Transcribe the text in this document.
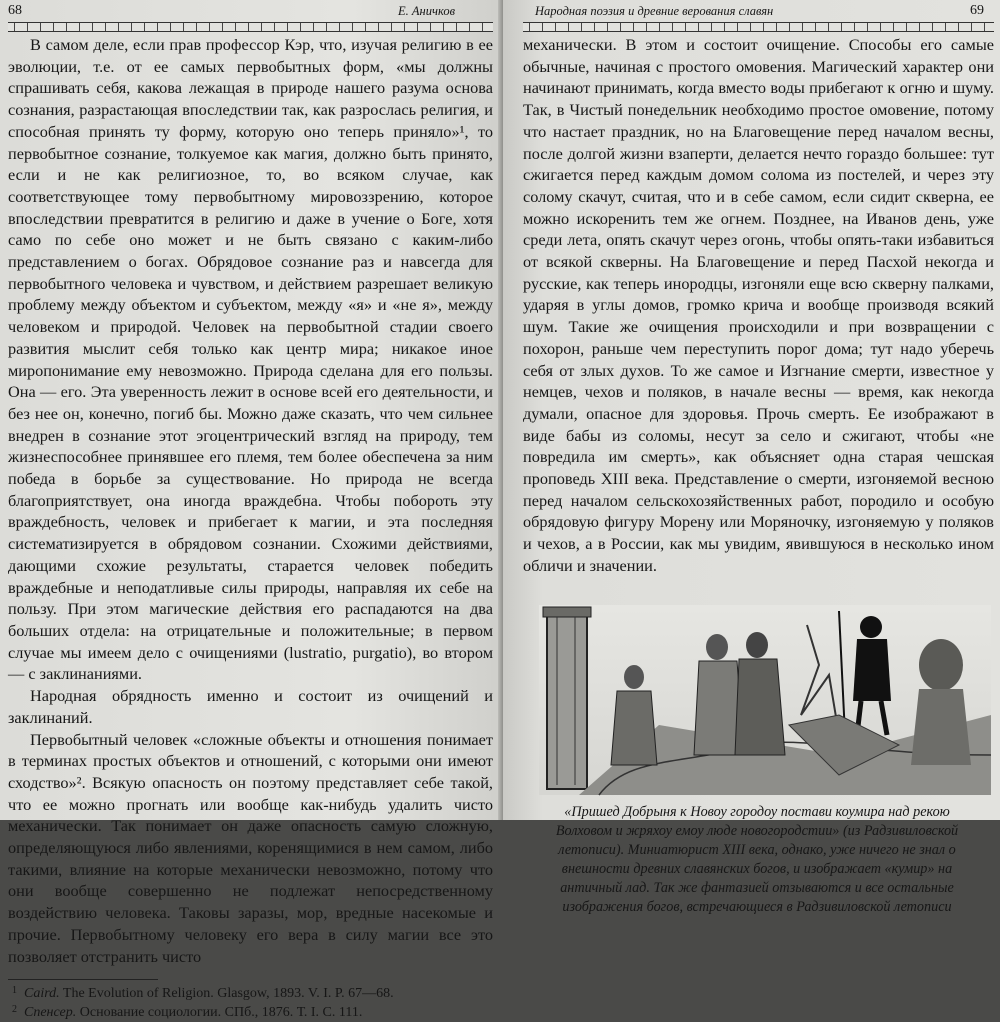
68	Е. Аничков

В самом деле, если прав профессор Кэр, что, изучая религию в ее эволюции, т.е. от ее самых первобытных форм, «мы должны спрашивать себя, какова лежащая в природе нашего разума основа сознания, разрастающая впоследствии так, как разрослась религия, и способная принять ту форму, которую оно теперь приняло»¹, то первобытное сознание, толкуемое как магия, должно быть принято, если и не как религиозное, то, во всяком случае, как соответствующее тому первобытному мировоззрению, которое впоследствии превратится в религию и даже в учение о Боге, хотя само по себе оно может и не быть связано с каким-либо представлением о богах. Обрядовое сознание раз и навсегда для первобытного человека и чувством, и действием разрешает великую проблему между объектом и субъектом, между «я» и «не я», между человеком и природой. Человек на первобытной стадии своего развития мыслит себя только как центр мира; никакое иное миропонимание ему невозможно. Природа сделана для его пользы. Она — его. Эта уверенность лежит в основе всей его деятельности, и без нее он, конечно, погиб бы. Можно даже сказать, что чем сильнее внедрен в сознание этот эгоцентрический взгляд на природу, тем жизнеспособнее принявшее его племя, тем более обеспечена за ним победа в борьбе за существование. Но природа не всегда благоприятствует, она иногда враждебна. Чтобы побороть эту враждебность, человек и прибегает к магии, и эта последняя систематизируется в обрядовом сознании. Схожими действиями, дающими схожие результаты, старается человек победить враждебные и неподатливые силы природы, направляя их себе на пользу. При этом магические действия его распадаются на два больших отдела: на отрицательные и положительные; в первом случае мы имеем дело с очищениями (lustratio, purgatio), во втором — с заклинаниями.

Народная обрядность именно и состоит из очищений и заклинаний.

Первобытный человек «сложные объекты и отношения понимает в терминах простых объектов и отношений, с которыми они имеют сходство»². Всякую опасность он поэтому представляет себе такой, что ее можно прогнать или вообще как-нибудь удалить чисто механически. Так понимает он даже опасность самую сложную, определяющуюся либо явлениями, коренящимися в нем самом, либо такими, влияние на которые механически невозможно, потому что они вообще совершенно не подлежат непосредственному воздействию человека. Таковы заразы, мор, вредные насекомые и прочие. Первобытному человеку его вера в силу магии все это позволяет отстранить чисто

1 Caird. The Evolution of Religion. Glasgow, 1893. V. I. P. 67—68.
2 Спенсер. Основание социологии. СПб., 1876. Т. I. С. 111.
Народная поэзия и древние верования славян	69

механически. В этом и состоит очищение. Способы его самые обычные, начиная с простого омовения. Магический характер они начинают принимать, когда вместо воды прибегают к огню и шуму. Так, в Чистый понедельник необходимо простое омовение, потому что настает праздник, но на Благовещение перед началом весны, после долгой жизни взаперти, делается нечто гораздо большее: тут сжигается перед каждым домом солома из постелей, и через эту солому скачут, считая, что и в себе самом, если сидит скверна, ее можно искоренить тем же огнем. Позднее, на Иванов день, уже среди лета, опять скачут через огонь, чтобы опять-таки избавиться от всякой скверны. На Благовещение и перед Пасхой некогда и русские, как теперь инородцы, изгоняли еще всю скверну палками, ударяя в углы домов, громко крича и вообще производя всякий шум. Такие же очищения происходили и при возвращении с похорон, раньше чем переступить порог дома; тут надо уберечь себя от злых духов. То же самое и Изгнание смерти, известное у немцев, чехов и поляков, в начале весны — время, как некогда думали, опасное для здоровья. Прочь смерть. Ее изображают в виде бабы из соломы, несут за село и сжигают, чтобы «не повредила им смерть», как объясняет одна старая чешская проповедь XIII века. Представление о смерти, изгоняемой весною перед началом сельскохозяйственных работ, породило и особую обрядовую фигуру Морену или Моряночку, изгоняемую у поляков и чехов, а в России, как мы увидим, явившуюся в несколько ином обличи и значении.

«Пришед Добрыня к Новоу городоу постави коумира над рекою Волховом и жряхоу емоу люде новогородстии» (из Радзивиловской летописи). Миниатюрист XIII века, однако, уже ничего не знал о внешности древних славянских богов, и изображает «кумир» на античный лад. Так же фантазией отзываются и все остальные изображения богов, встречающиеся в Радзивиловской летописи
